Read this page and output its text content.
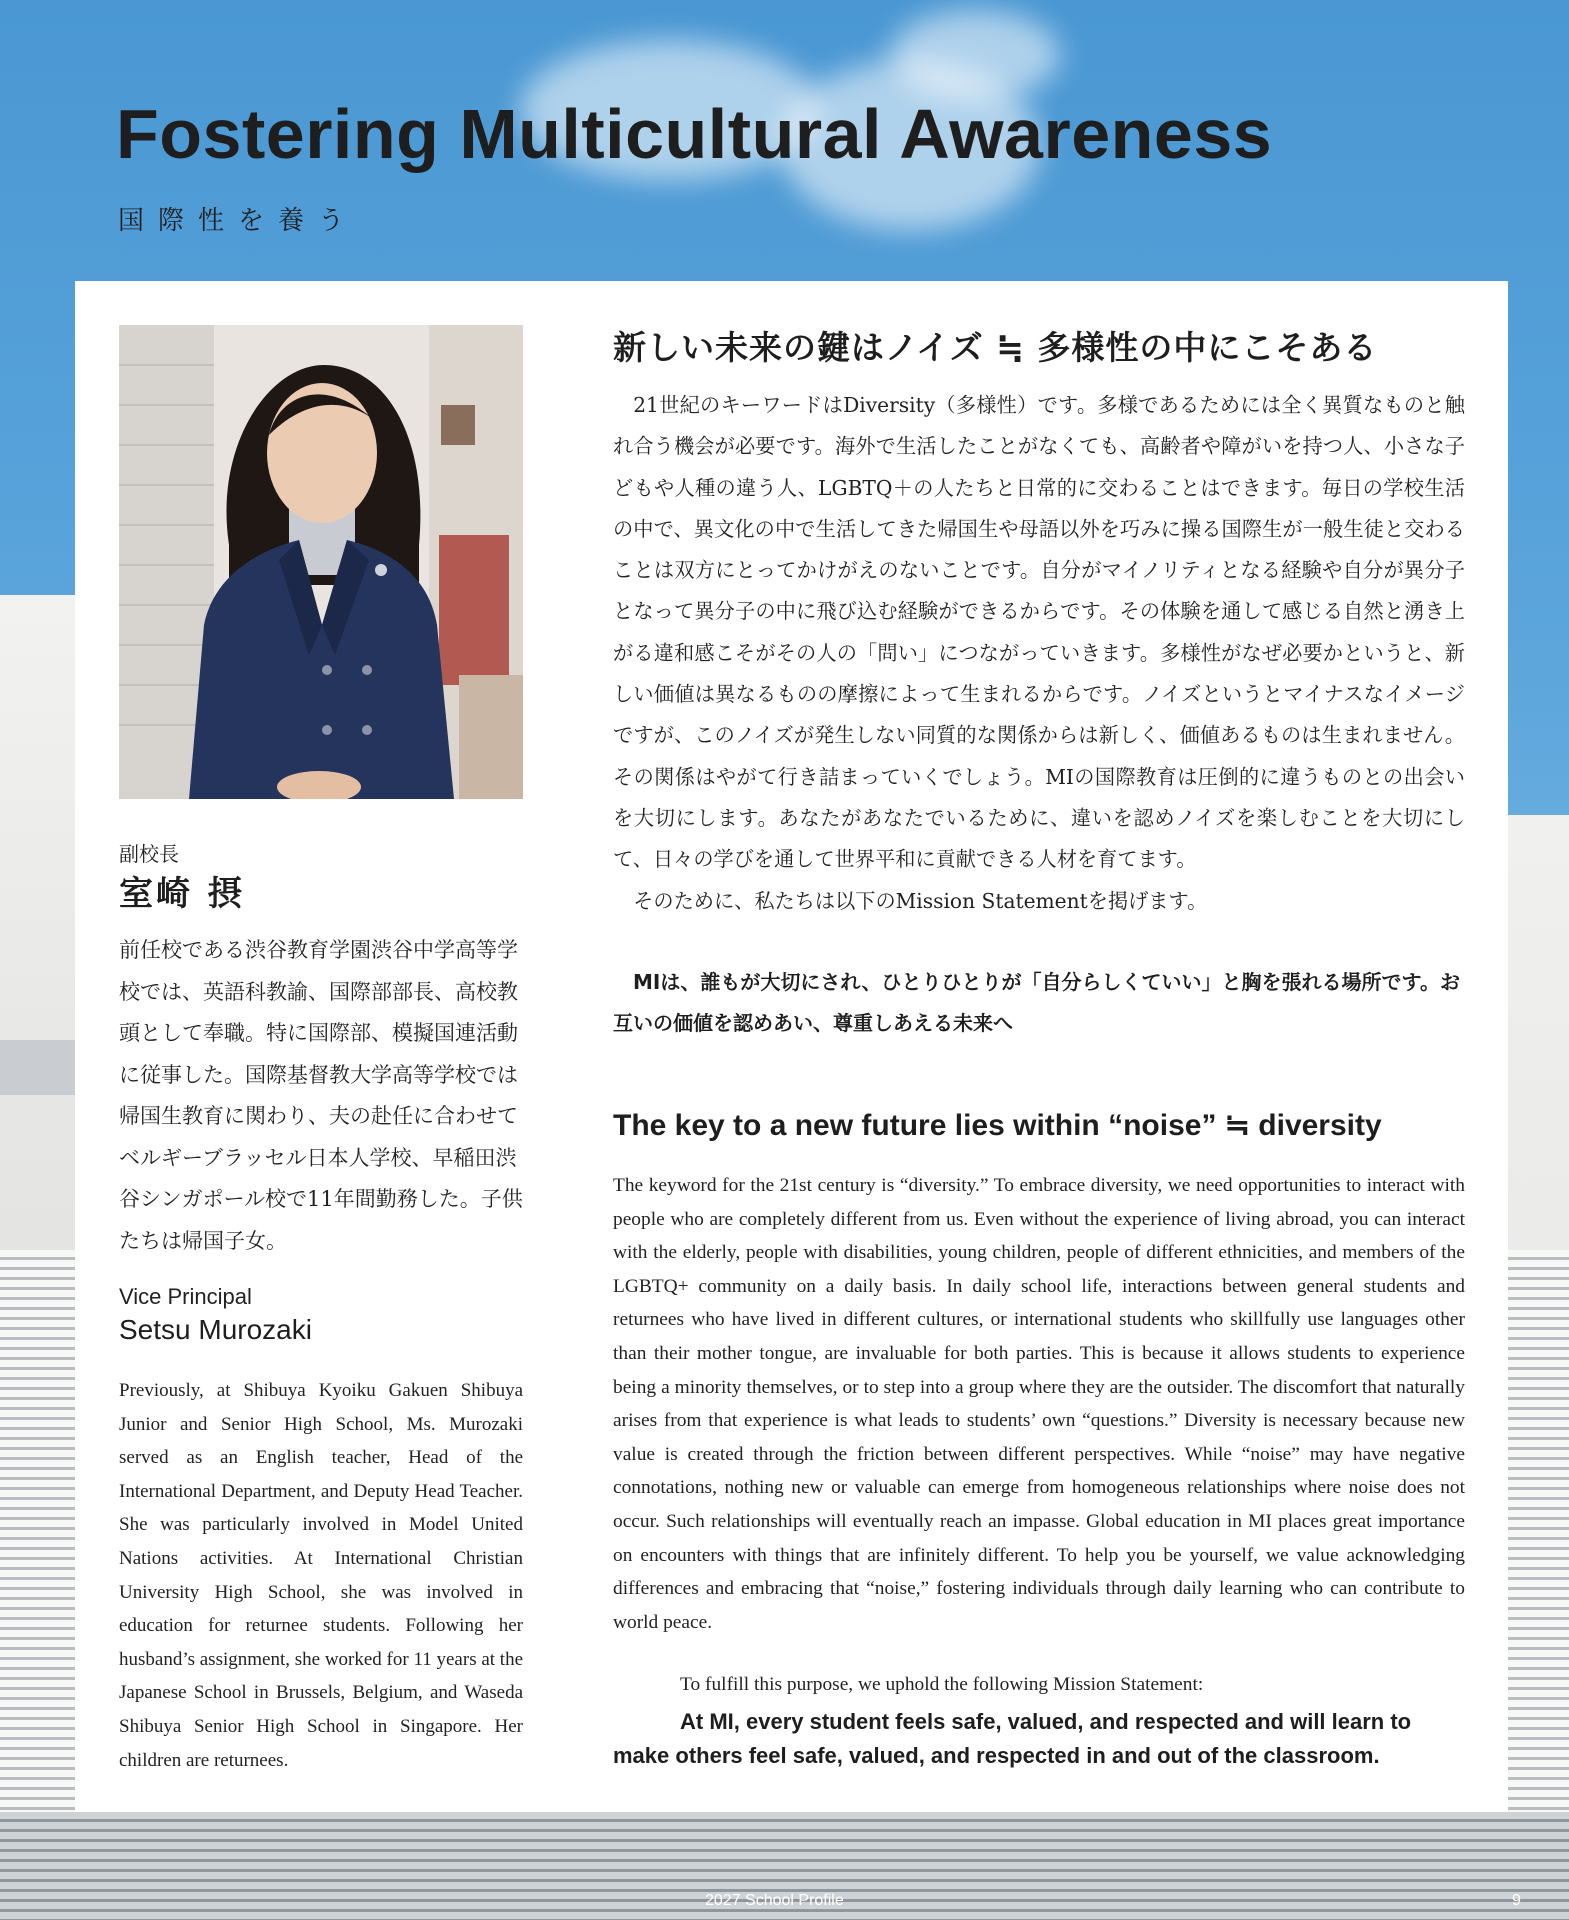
Fostering Multicultural Awareness
国際性を養う
副校長
室崎 摂

前任校である渋谷教育学園渋谷中学高等学校では、英語科教諭、国際部部長、高校教頭として奉職。特に国際部、模擬国連活動に従事した。国際基督教大学高等学校では帰国生教育に関わり、夫の赴任に合わせてベルギーブラッセル日本人学校、早稲田渋谷シンガポール校で11年間勤務した。子供たちは帰国子女。

Vice Principal
Setsu Murozaki

Previously, at Shibuya Kyoiku Gakuen Shibuya Junior and Senior High School, Ms. Murozaki served as an English teacher, Head of the International Department, and Deputy Head Teacher. She was particularly involved in Model United Nations activities. At International Christian University High School, she was involved in education for returnee students. Following her husband’s assignment, she worked for 11 years at the Japanese School in Brussels, Belgium, and Waseda Shibuya Senior High School in Singapore. Her children are returnees.

新しい未来の鍵はノイズ ≒ 多様性の中にこそある

21世紀のキーワードはDiversity（多様性）です。多様であるためには全く異質なものと触れ合う機会が必要です。海外で生活したことがなくても、高齢者や障がいを持つ人、小さな子どもや人種の違う人、LGBTQ＋の人たちと日常的に交わることはできます。毎日の学校生活の中で、異文化の中で生活してきた帰国生や母語以外を巧みに操る国際生が一般生徒と交わることは双方にとってかけがえのないことです。自分がマイノリティとなる経験や自分が異分子となって異分子の中に飛び込む経験ができるからです。その体験を通して感じる自然と湧き上がる違和感こそがその人の「問い」につながっていきます。多様性がなぜ必要かというと、新しい価値は異なるものの摩擦によって生まれるからです。ノイズというとマイナスなイメージですが、このノイズが発生しない同質的な関係からは新しく、価値あるものは生まれません。その関係はやがて行き詰まっていくでしょう。MIの国際教育は圧倒的に違うものとの出会いを大切にします。あなたがあなたでいるために、違いを認めノイズを楽しむことを大切にして、日々の学びを通して世界平和に貢献できる人材を育てます。

そのために、私たちは以下のMission Statementを掲げます。

MIは、誰もが大切にされ、ひとりひとりが「自分らしくていい」と胸を張れる場所です。お互いの価値を認めあい、尊重しあえる未来へ

The key to a new future lies within “noise” ≒ diversity

The keyword for the 21st century is “diversity.” To embrace diversity, we need opportunities to interact with people who are completely different from us. Even without the experience of living abroad, you can interact with the elderly, people with disabilities, young children, people of different ethnicities, and members of the LGBTQ+ community on a daily basis. In daily school life, interactions between general students and returnees who have lived in different cultures, or international students who skillfully use languages other than their mother tongue, are invaluable for both parties. This is because it allows students to experience being a minority themselves, or to step into a group where they are the outsider. The discomfort that naturally arises from that experience is what leads to students’ own “questions.” Diversity is necessary because new value is created through the friction between different perspectives. While “noise” may have negative connotations, nothing new or valuable can emerge from homogeneous relationships where noise does not occur. Such relationships will eventually reach an impasse. Global education in MI places great importance on encounters with things that are infinitely different. To help you be yourself, we value acknowledging differences and embracing that “noise,” fostering individuals through daily learning who can contribute to world peace.

To fulfill this purpose, we uphold the following Mission Statement:

At MI, every student feels safe, valued, and respected and will learn to make others feel safe, valued, and respected in and out of the classroom.

2027 School Profile	9
